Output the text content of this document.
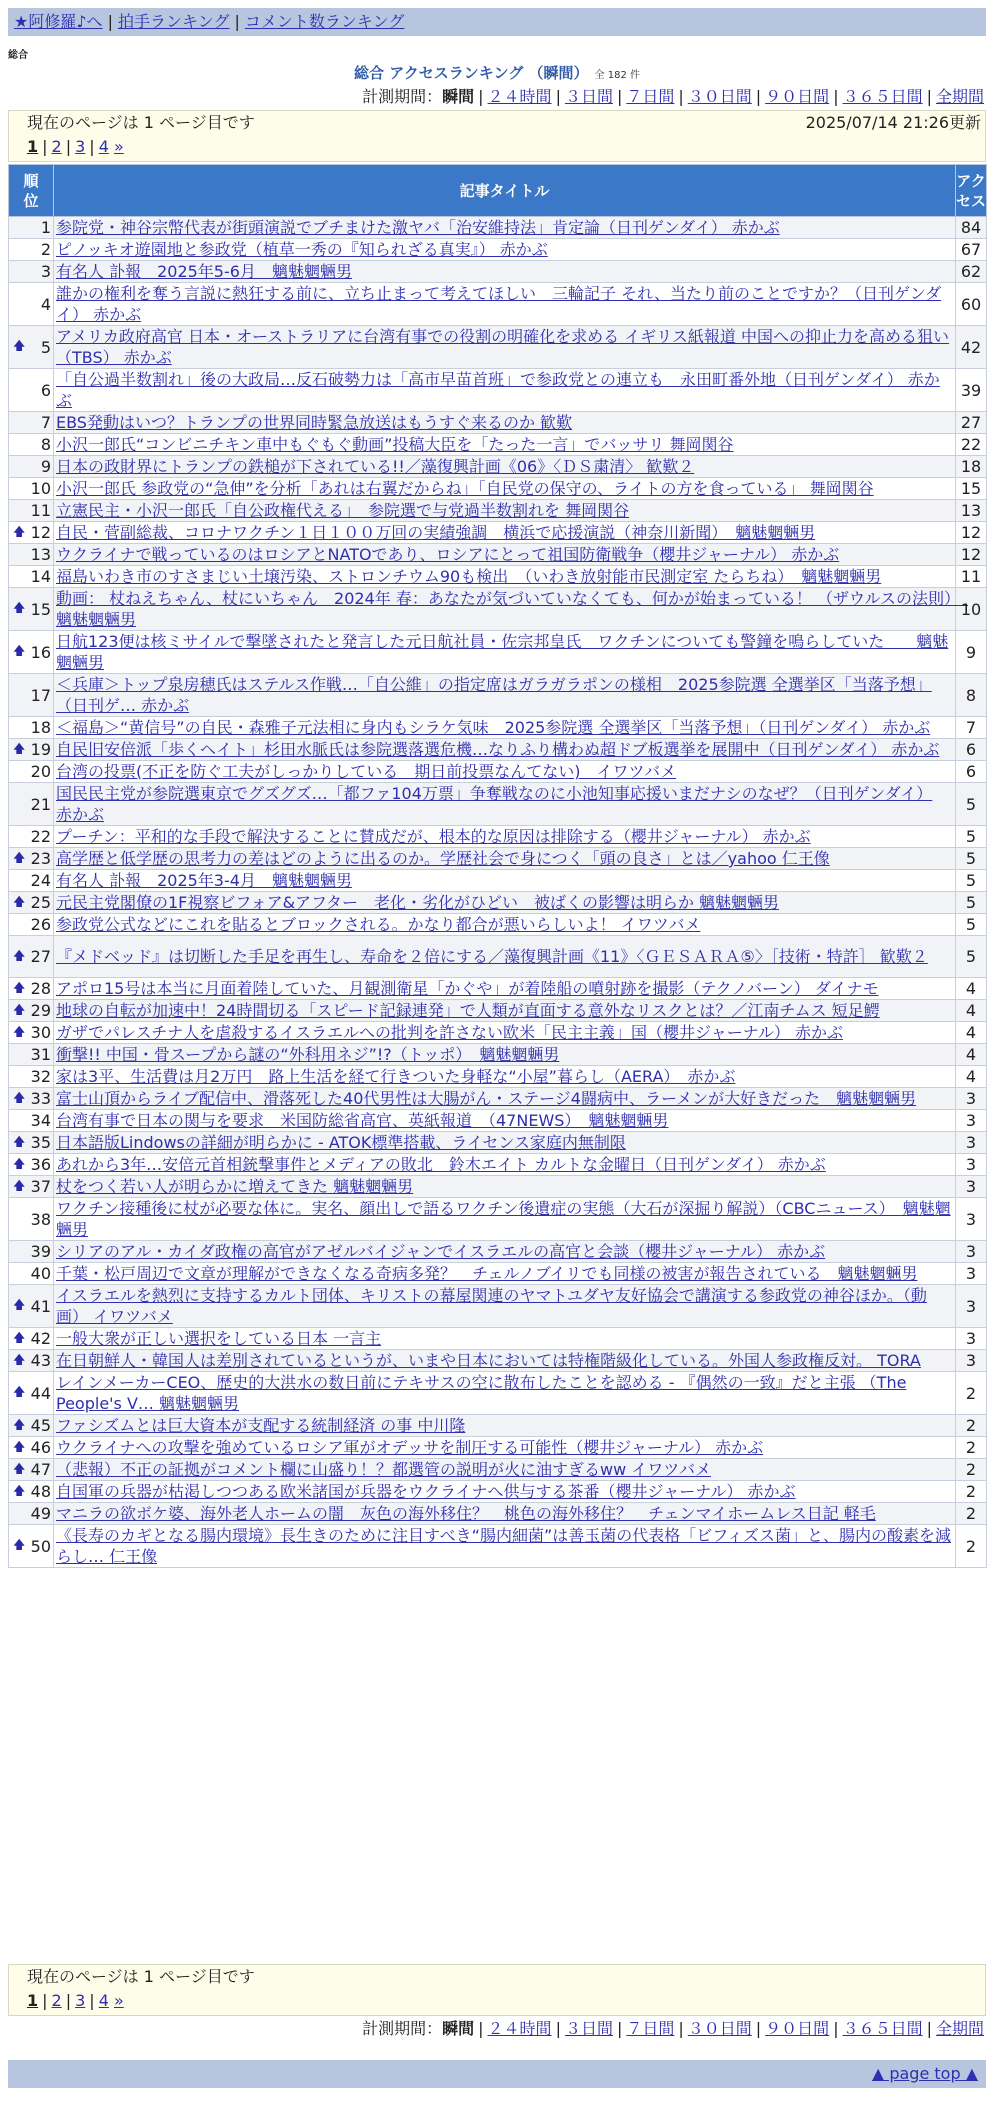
★阿修羅♪へ | 拍手ランキング | コメント数ランキング
総合
総合 アクセスランキング （瞬間） 全 182 件
計測期間：瞬間 | ２４時間 | ３日間 | ７日間 | ３０日間 | ９０日間 | ３６５日間 | 全期間
現在のページは 1 ページ目です	2025/07/14 21:26更新
1 | 2 | 3 | 4 »
順位	記事タイトル	アクセス

1	参院党・神谷宗幣代表が街頭演説でブチまけた激ヤバ「治安維持法」肯定論（日刊ゲンダイ） 赤かぶ	84
2	ピノッキオ遊園地と参政党（植草一秀の『知られざる真実』） 赤かぶ	67
3	有名人 訃報　2025年5-6月　魑魅魍魎男	62
4	誰かの権利を奪う言説に熱狂する前に、立ち止まって考えてほしい　三輪記子 それ、当たり前のことですか？（日刊ゲンダイ） 赤かぶ	60

🡅 5	アメリカ政府高官 日本・オーストラリアに台湾有事での役割の明確化を求める イギリス紙報道 中国への抑止力を高める狙い（TBS） 赤かぶ	42
6	「自公過半数割れ」後の大政局…反石破勢力は「高市早苗首班」で参政党との連立も　永田町番外地（日刊ゲンダイ） 赤かぶ	39
7	EBS発動はいつ？トランプの世界同時緊急放送はもうすぐ来るのか 歓歎	27
8	小沢一郎氏“コンビニチキン車中もぐもぐ動画”投稿大臣を「たった一言」でバッサリ 舞岡関谷	22
9	日本の政財界にトランプの鉄槌が下されている!!／藻復興計画《06》〈ＤＳ粛清〉 歓歎２	18
10	小沢一郎氏 参政党の“急伸”を分析「あれは右翼だからね」「自民党の保守の、ライトの方を食っている」 舞岡関谷	15
11	立憲民主・小沢一郎氏「自公政権代える」　参院選で与党過半数割れを 舞岡関谷	13

🡅 12	自民・菅副総裁、コロナワクチン１日１００万回の実績強調　横浜で応援演説（神奈川新聞）　魑魅魍魎男	12
13	ウクライナで戦っているのはロシアとNATOであり、ロシアにとって祖国防衛戦争（櫻井ジャーナル） 赤かぶ	12
14	福島いわき市のすさまじい土壌汚染、ストロンチウム90も検出　（いわき放射能市民測定室 たらちね）　魑魅魍魎男	11

🡅 15	動画： 杖ねえちゃん、杖にいちゃん　2024年 春：あなたが気づいていなくても、何かが始まっている！ （ザウルスの法則）　魑魅魍魎男	10

🡅 16	日航123便は核ミサイルで撃墜されたと発言した元日航社員・佐宗邦皇氏　ワクチンについても警鐘を鳴らしていた　　魑魅魍魎男	9
17	＜兵庫＞トップ泉房穂氏はステルス作戦…「自公維」の指定席はガラガラポンの様相　2025参院選 全選挙区「当落予想」（日刊ゲ… 赤かぶ	8
18	＜福島＞“黄信号”の自民・森雅子元法相に身内もシラケ気味　2025参院選 全選挙区「当落予想」（日刊ゲンダイ） 赤かぶ	7

🡅 19	自民旧安倍派「歩くヘイト」杉田水脈氏は参院選落選危機…なりふり構わぬ超ドブ板選挙を展開中（日刊ゲンダイ） 赤かぶ	6
20	台湾の投票(不正を防ぐ工夫がしっかりしている　期日前投票なんてない)　イワツバメ	6
21	国民民主党が参院選東京でグズグズ…「都ファ104万票」争奪戦なのに小池知事応援いまだナシのなぜ？（日刊ゲンダイ） 赤かぶ	5
22	プーチン：平和的な手段で解決することに賛成だが、根本的な原因は排除する（櫻井ジャーナル） 赤かぶ	5

🡅 23	高学歴と低学歴の思考力の差はどのように出るのか。学歴社会で身につく「頭の良さ」とは／yahoo 仁王像	5
24	有名人 訃報　2025年3-4月　魑魅魍魎男	5

🡅 25	元民主党閣僚の1F視察ビフォア&アフター　老化・劣化がひどい　被ばくの影響は明らか 魑魅魍魎男	5
26	参政党公式などにこれを貼るとブロックされる。かなり都合が悪いらしいよ！ イワツバメ	5

🡅 27	『メドベッド』は切断した手足を再生し、寿命を２倍にする／藻復興計画《11》〈ＧＥＳＡＲＡ⑤〉［技術・特許］ 歓歎２	5

🡅 28	アポロ15号は本当に月面着陸していた、月観測衛星「かぐや」が着陸船の噴射跡を撮影（テクノバーン） ダイナモ	4

🡅 29	地球の自転が加速中！24時間切る「スピード記録連発」で人類が直面する意外なリスクとは？／江南チムス 短足鰐	4

🡅 30	ガザでパレスチナ人を虐殺するイスラエルへの批判を許さない欧米「民主主義」国（櫻井ジャーナル） 赤かぶ	4
31	衝撃!! 中国・骨スープから謎の“外科用ネジ”!?（トッポ）　魑魅魍魎男	4
32	家は3平、生活費は月2万円　路上生活を経て行きついた身軽な“小屋”暮らし（AERA）　赤かぶ	4

🡅 33	富士山頂からライブ配信中、滑落死した40代男性は大腸がん・ステージ4闘病中、ラーメンが大好きだった　魑魅魍魎男	3
34	台湾有事で日本の関与を要求　米国防総省高官、英紙報道　（47NEWS）　魑魅魍魎男	3

🡅 35	日本語版Lindowsの詳細が明らかに - ATOK標準搭載、ライセンス家庭内無制限	3

🡅 36	あれから3年…安倍元首相銃撃事件とメディアの敗北　鈴木エイト カルトな金曜日（日刊ゲンダイ） 赤かぶ	3

🡅 37	杖をつく若い人が明らかに増えてきた 魑魅魍魎男	3
38	ワクチン接種後に杖が必要な体に。実名、顔出しで語るワクチン後遺症の実態（大石が深掘り解説）（CBCニュース）　魑魅魍魎男	3
39	シリアのアル・カイダ政権の高官がアゼルバイジャンでイスラエルの高官と会談（櫻井ジャーナル） 赤かぶ	3
40	千葉・松戸周辺で文章が理解ができなくなる奇病多発？　チェルノブイリでも同様の被害が報告されている　魑魅魍魎男	3

🡅 41	イスラエルを熱烈に支持するカルト団体、キリストの幕屋関連のヤマトユダヤ友好協会で講演する参政党の神谷ほか。（動画） イワツバメ	3

🡅 42	一般大衆が正しい選択をしている日本 一言主	3

🡅 43	在日朝鮮人・韓国人は差別されているというが、いまや日本においては特権階級化している。外国人参政権反対。 TORA	3

🡅 44	レインメーカーCEO、歴史的大洪水の数日前にテキサスの空に散布したことを認める - 『偶然の一致』だと主張 （The People's V… 魑魅魍魎男	2

🡅 45	ファシズムとは巨大資本が支配する統制経済 の事 中川隆	2

🡅 46	ウクライナへの攻撃を強めているロシア軍がオデッサを制圧する可能性（櫻井ジャーナル） 赤かぶ	2

🡅 47	（悲報）不正の証拠がコメント欄に山盛り！？都選管の説明が火に油すぎるww イワツバメ	2

🡅 48	自国軍の兵器が枯渇しつつある欧米諸国が兵器をウクライナへ供与する茶番（櫻井ジャーナル） 赤かぶ	2
49	マニラの欲ボケ婆、海外老人ホームの闇　灰色の海外移住？　桃色の海外移住？　チェンマイホームレス日記 軽毛	2

🡅 50	《長寿のカギとなる腸内環境》長生きのために注目すべき“腸内細菌”は善玉菌の代表格「ビフィズス菌」と、腸内の酸素を減らし… 仁王像	2
現在のページは 1 ページ目です
1 | 2 | 3 | 4 »
計測期間：瞬間 | ２４時間 | ３日間 | ７日間 | ３０日間 | ９０日間 | ３６５日間 | 全期間
▲ page top ▲
